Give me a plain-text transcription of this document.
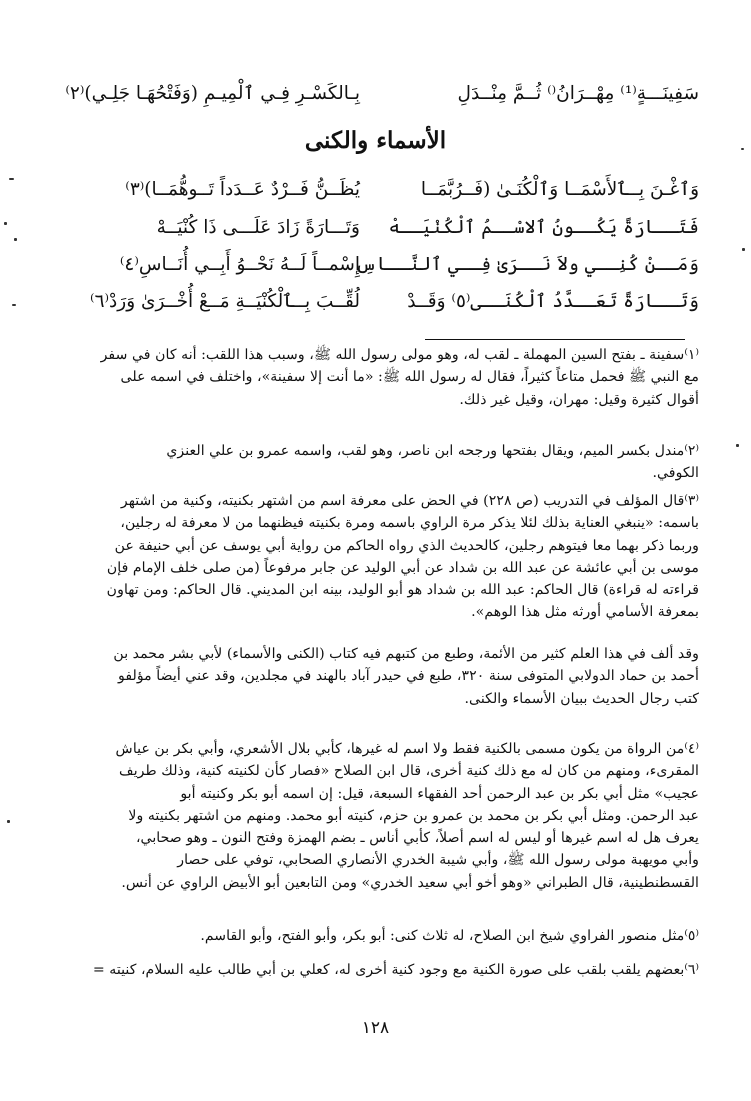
سَفِينَـــةٍ⁽¹⁾ مِهْــرَانُ⁽⁾ ثُــمَّ مِنْــدَلِ
بِـالكَسْـرِ فِـي ٱلْمِيـمِ (وَفَتْحُهَـا جَلِـي)⁽٢⁾
الأسماء والكنى
وَٱغْـنَ بِــٱلأَسْمَــا وَٱلْكُنَـىٰ (فَــرُبَّمَــا
يُظَــنُّ فَــرْدٌ عَــدَداً تَــوهُّمَــا)⁽٣⁾
فَتَــارَةً يَكُــونُ ٱلاسْــمُ ٱلْكُنْيَــهْ
وَتَـــارَةً زَادَ عَلَـــى ذَا كُنْيَــهْ
وَمَــنْ كُنِــي ولاَ نَــرَىٰ فِــي ٱلنَّــاسِ
إِسْمــاً لَــهُ نَحْــوُ أَبِــي أُنَــاسِ⁽٤⁾
وَتَــارَةً تَعَــدَّدُ ٱلْكُنَــى⁽٥⁾ وَقَــدْ
لُقِّــبَ بِــٱلْكُنْيَــةِ مَــعْ أُخْــرَىٰ وَرَدْ⁽٦⁾

⁽١⁾سفينة ـ بفتح السين المهملة ـ لقب له، وهو مولى رسول الله ﷺ، وسبب هذا اللقب: أنه كان في سفر

مع النبي ﷺ فحمل متاعاً كثيراً، فقال له رسول الله ﷺ: «ما أنت إلا سفينة»، واختلف في اسمه على

أقوال كثيرة وقيل: مهران، وقيل غير ذلك.

⁽٢⁾مندل بكسر الميم، ويقال بفتحها ورجحه ابن ناصر، وهو لقب، واسمه عمرو بن علي العنزي

الكوفي.

⁽٣⁾قال المؤلف في التدريب (ص ٢٢٨) في الحض على معرفة اسم من اشتهر بكنيته، وكنية من اشتهر

باسمه: «ينبغي العناية بذلك لئلا يذكر مرة الراوي باسمه ومرة بكنيته فيظنهما من لا معرفة له رجلين،

وربما ذكر بهما معا فيتوهم رجلين، كالحديث الذي رواه الحاكم من رواية أبي يوسف عن أبي حنيفة عن

موسى بن أبي عائشة عن عبد الله بن شداد عن أبي الوليد عن جابر مرفوعاً (من صلى خلف الإمام فإن

قراءته له قراءة) قال الحاكم: عبد الله بن شداد هو أبو الوليد، بينه ابن المديني. قال الحاكم: ومن تهاون

بمعرفة الأسامي أورثه مثل هذا الوهم».

وقد ألف في هذا العلم كثير من الأئمة، وطبع من كتبهم فيه كتاب (الكنى والأسماء) لأبي بشر محمد بن

أحمد بن حماد الدولابي المتوفى سنة ٣٢٠، طبع في حيدر آباد بالهند في مجلدين، وقد عني أيضاً مؤلفو

كتب رجال الحديث ببيان الأسماء والكنى.

⁽٤⁾من الرواة من يكون مسمى بالكنية فقط ولا اسم له غيرها، كأبي بلال الأشعري، وأبي بكر بن عياش

المقرىء، ومنهم من كان له مع ذلك كنية أخرى، قال ابن الصلاح «فصار كأن لكنيته كنية، وذلك طريف

عجيب» مثل أبي بكر بن عبد الرحمن أحد الفقهاء السبعة، قيل: إن اسمه أبو بكر وكنيته أبو

عبد الرحمن. ومثل أبي بكر بن محمد بن عمرو بن حزم، كنيته أبو محمد. ومنهم من اشتهر بكنيته ولا

يعرف هل له اسم غيرها أو ليس له اسم أصلاً، كأبي أناس ـ بضم الهمزة وفتح النون ـ وهو صحابي،

وأبي مويهبة مولى رسول الله ﷺ، وأبي شيبة الخدري الأنصاري الصحابي، توفي على حصار

القسطنطينية، قال الطبراني «وهو أخو أبي سعيد الخدري» ومن التابعين أبو الأبيض الراوي عن أنس.

⁽٥⁾مثل منصور الفراوي شيخ ابن الصلاح، له ثلاث كنى: أبو بكر، وأبو الفتح، وأبو القاسم.

⁽٦⁾بعضهم يلقب بلقب على صورة الكنية مع وجود كنية أخرى له، كعلي بن أبي طالب عليه السلام، كنيته =

١٢٨
